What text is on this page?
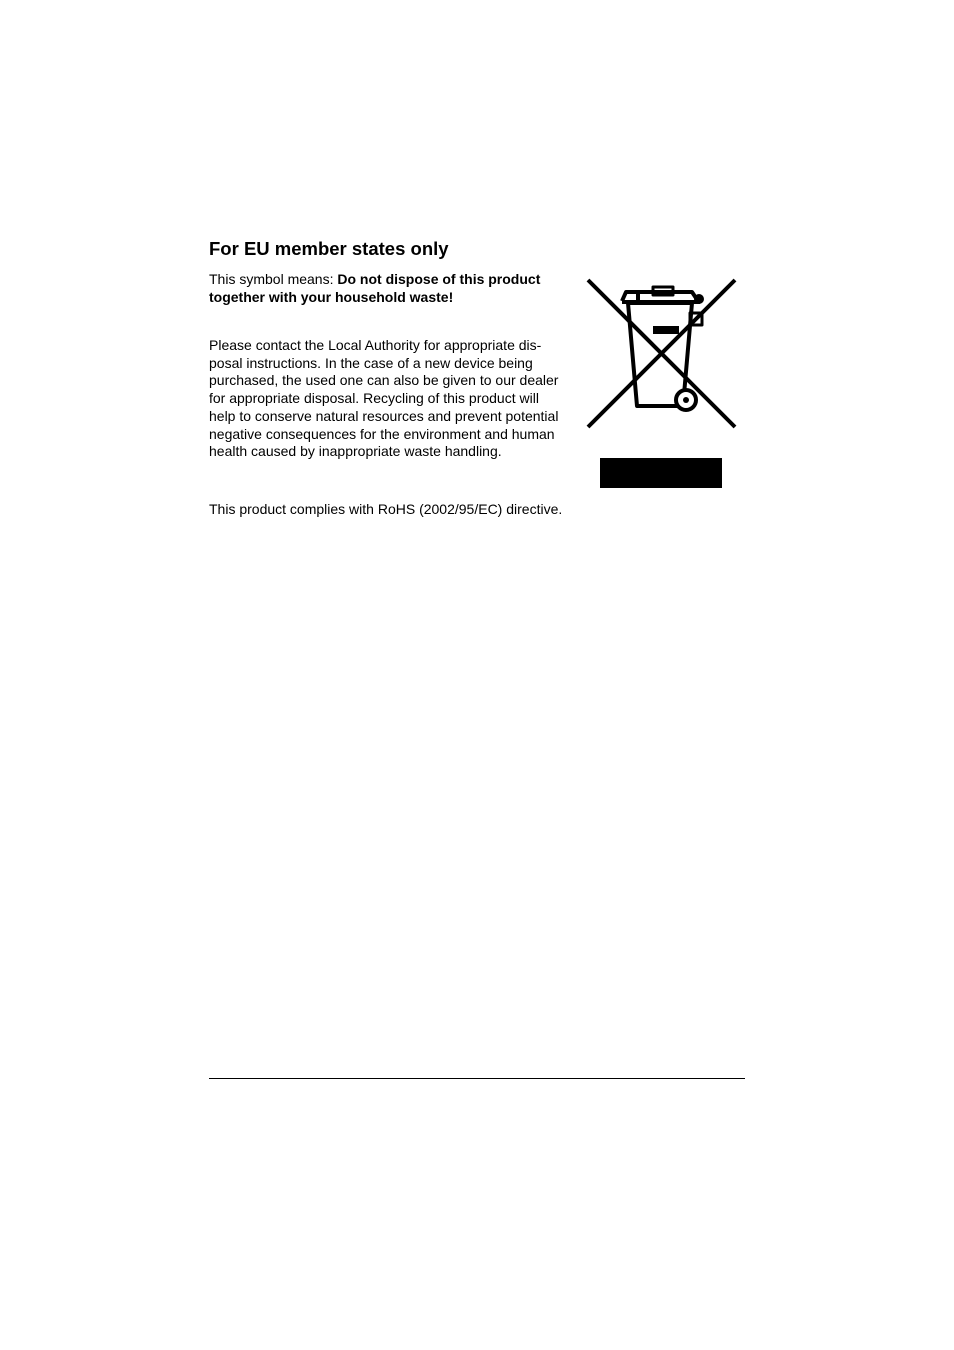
For EU member states only

This symbol means: Do not dispose of this product
together with your household waste!

Please contact the Local Authority for appropriate dis-
posal instructions. In the case of a new device being
purchased, the used one can also be given to our dealer
for appropriate disposal. Recycling of this product will
help to conserve natural resources and prevent potential
negative consequences for the environment and human
health caused by inappropriate waste handling.

This product complies with RoHS (2002/95/EC) directive.
